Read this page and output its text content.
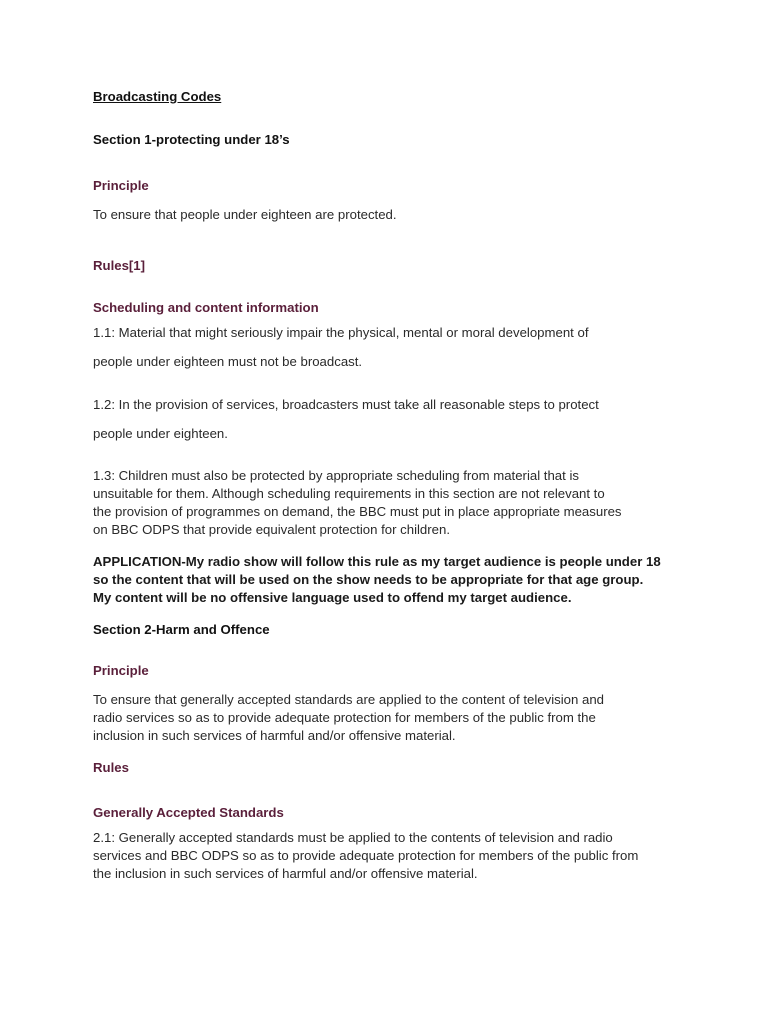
Broadcasting Codes

Section 1-protecting under 18’s

Principle

To ensure that people under eighteen are protected.

Rules[1]

Scheduling and content information

1.1: Material that might seriously impair the physical, mental or moral development of

people under eighteen must not be broadcast.

1.2: In the provision of services, broadcasters must take all reasonable steps to protect

people under eighteen.

1.3: Children must also be protected by appropriate scheduling from material that is

unsuitable for them. Although scheduling requirements in this section are not relevant to

the provision of programmes on demand, the BBC must put in place appropriate measures

on BBC ODPS that provide equivalent protection for children.

APPLICATION-My radio show will follow this rule as my target audience is people under 18

so the content that will be used on the show needs to be appropriate for that age group.

My content will be no offensive language used to offend my target audience.

Section 2-Harm and Offence

Principle

To ensure that generally accepted standards are applied to the content of television and

radio services so as to provide adequate protection for members of the public from the

inclusion in such services of harmful and/or offensive material.

Rules

Generally Accepted Standards

2.1: Generally accepted standards must be applied to the contents of television and radio

services and BBC ODPS so as to provide adequate protection for members of the public from

the inclusion in such services of harmful and/or offensive material.
